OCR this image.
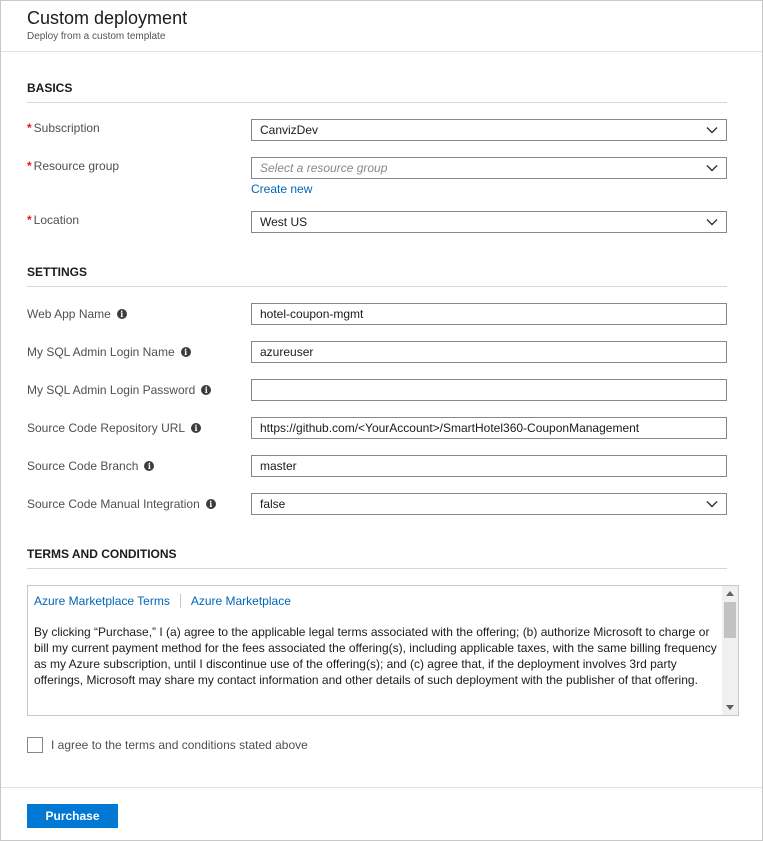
Custom deployment
Deploy from a custom template
BASICS
* Subscription	CanvizDev
* Resource group	Select a resource group
Create new
* Location	West US
SETTINGS
Web App Name	i	hotel-coupon-mgmt
My SQL Admin Login Name	i	azureuser
My SQL Admin Login Password	i
Source Code Repository URL	i	https://github.com/<YourAccount>/SmartHotel360-CouponManagement
Source Code Branch	i	master
Source Code Manual Integration	i	false
TERMS AND CONDITIONS
Azure Marketplace Terms Azure Marketplace
By clicking “Purchase,” I (a) agree to the applicable legal terms associated with the offering; (b) authorize Microsoft to charge or bill my current payment method for the fees associated the offering(s), including applicable taxes, with the same billing frequency as my Azure subscription, until I discontinue use of the offering(s); and (c) agree that, if the deployment involves 3rd party offerings, Microsoft may share my contact information and other details of such deployment with the publisher of that offering.
I agree to the terms and conditions stated above
Purchase
